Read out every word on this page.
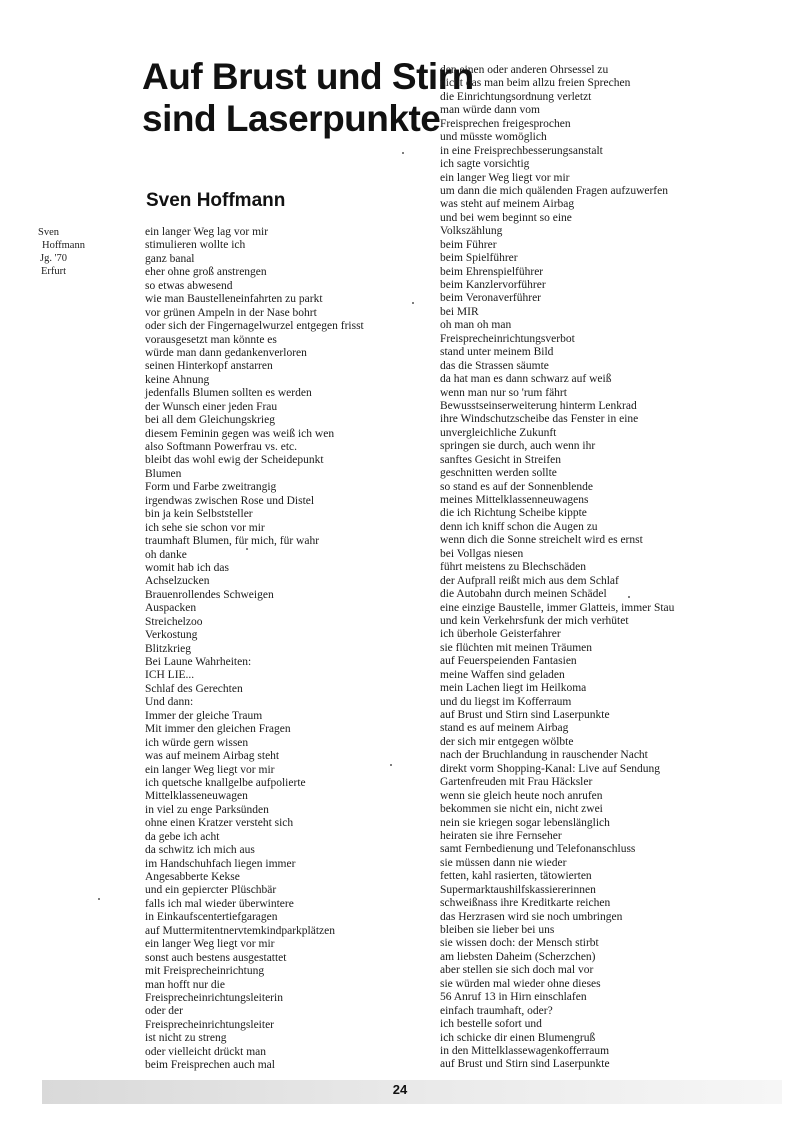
Auf Brust und Stirn
sind Laserpunkte
Sven Hoffmann
Sven
Hoffmann
Jg. '70
Erfurt
ein langer Weg lag vor mir
stimulieren wollte ich
ganz banal
eher ohne groß anstrengen
so etwas abwesend
wie man Baustelleneinfahrten zu parkt
vor grünen Ampeln in der Nase bohrt
oder sich der Fingernagelwurzel entgegen frisst
vorausgesetzt man könnte es
würde man dann gedankenverloren
seinen Hinterkopf anstarren
keine Ahnung
jedenfalls Blumen sollten es werden
der Wunsch einer jeden Frau
bei all dem Gleichungskrieg
diesem Feminin gegen was weiß ich wen
also Softmann Powerfrau vs. etc.
bleibt das wohl ewig der Scheidepunkt
Blumen
Form und Farbe zweitrangig
irgendwas zwischen Rose und Distel
bin ja kein Selbststeller
ich sehe sie schon vor mir
traumhaft Blumen, für mich, für wahr
oh danke
womit hab ich das
Achselzucken
Brauenrollendes Schweigen
Auspacken
Streichelzoo
Verkostung
Blitzkrieg
Bei Laune Wahrheiten:
ICH LIE...
Schlaf des Gerechten
Und dann:
Immer der gleiche Traum
Mit immer den gleichen Fragen
ich würde gern wissen
was auf meinem Airbag steht
ein langer Weg liegt vor mir
ich quetsche knallgelbe aufpolierte
Mittelklasseneuwagen
in viel zu enge Parksünden
ohne einen Kratzer versteht sich
da gebe ich acht
da schwitz ich mich aus
im Handschuhfach liegen immer
Angesabberte Kekse
und ein gepiercter Plüschbär
falls ich mal wieder überwintere
in Einkaufscentertiefgaragen
auf Muttermitentnervtemkindparkplätzen
ein langer Weg liegt vor mir
sonst auch bestens ausgestattet
mit Freisprecheinrichtung
man hofft nur die
Freisprecheinrichtungsleiterin
oder der
Freisprecheinrichtungsleiter
ist nicht zu streng
oder vielleicht drückt man
beim Freisprechen auch mal
den einen oder anderen Ohrsessel zu
nicht das man beim allzu freien Sprechen
die Einrichtungsordnung verletzt
man würde dann vom
Freisprechen freigesprochen
und müsste womöglich
in eine Freisprechbesserungsanstalt
ich sagte vorsichtig
ein langer Weg liegt vor mir
um dann die mich quälenden Fragen aufzuwerfen
was steht auf meinem Airbag
und bei wem beginnt so eine
Volkszählung
beim Führer
beim Spielführer
beim Ehrenspielführer
beim Kanzlervorführer
beim Veronaverführer
bei MIR
oh man oh man
Freisprecheinrichtungsverbot
stand unter meinem Bild
das die Strassen säumte
da hat man es dann schwarz auf weiß
wenn man nur so 'rum fährt
Bewusstseinserweiterung hinterm Lenkrad
ihre Windschutzscheibe das Fenster in eine
unvergleichliche Zukunft
springen sie durch, auch wenn ihr
sanftes Gesicht in Streifen
geschnitten werden sollte
so stand es auf der Sonnenblende
meines Mittelklassenneuwagens
die ich Richtung Scheibe kippte
denn ich kniff schon die Augen zu
wenn dich die Sonne streichelt wird es ernst
bei Vollgas niesen
führt meistens zu Blechschäden
der Aufprall reißt mich aus dem Schlaf
die Autobahn durch meinen Schädel
eine einzige Baustelle, immer Glatteis, immer Stau
und kein Verkehrsfunk der mich verhütet
ich überhole Geisterfahrer
sie flüchten mit meinen Träumen
auf Feuerspeienden Fantasien
meine Waffen sind geladen
mein Lachen liegt im Heilkoma
und du liegst im Kofferraum
auf Brust und Stirn sind Laserpunkte
stand es auf meinem Airbag
der sich mir entgegen wölbte
nach der Bruchlandung in rauschender Nacht
direkt vorm Shopping-Kanal: Live auf Sendung
Gartenfreuden mit Frau Häcksler
wenn sie gleich heute noch anrufen
bekommen sie nicht ein, nicht zwei
nein sie kriegen sogar lebenslänglich
heiraten sie ihre Fernseher
samt Fernbedienung und Telefonanschluss
sie müssen dann nie wieder
fetten, kahl rasierten, tätowierten
Supermarktaushilfskassiererinnen
schweißnass ihre Kreditkarte reichen
das Herzrasen wird sie noch umbringen
bleiben sie lieber bei uns
sie wissen doch: der Mensch stirbt
am liebsten Daheim (Scherzchen)
aber stellen sie sich doch mal vor
sie würden mal wieder ohne dieses
56 Anruf 13 in Hirn einschlafen
einfach traumhaft, oder?
ich bestelle sofort und
ich schicke dir einen Blumengruß
in den Mittelklassewagenkofferraum
auf Brust und Stirn sind Laserpunkte
24
